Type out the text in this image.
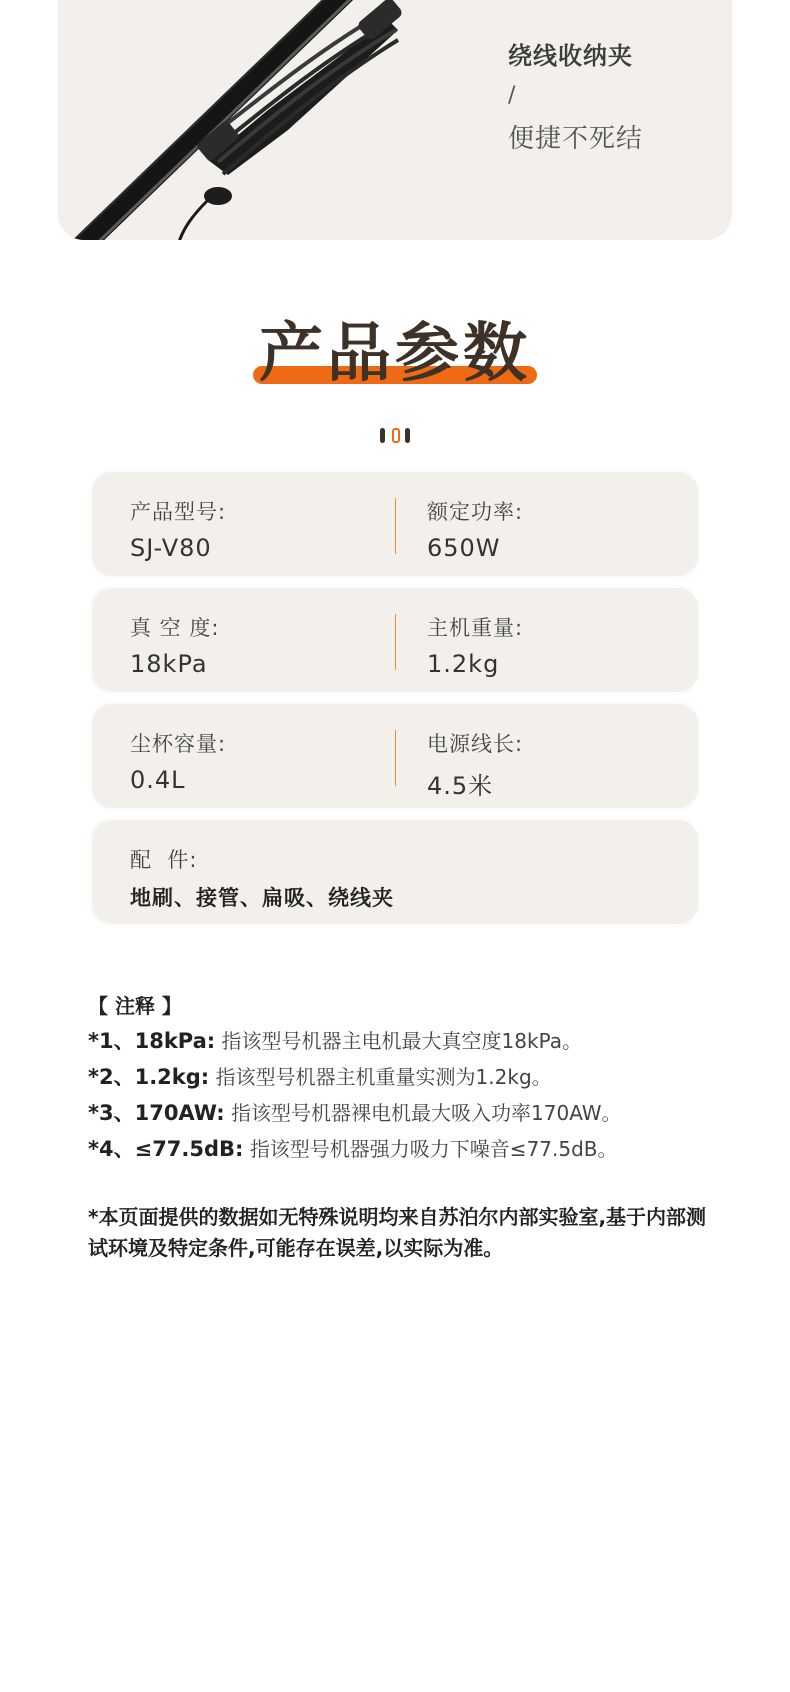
绕线收纳夹
/
便捷不死结
产品参数
产品型号:
SJ-V80
额定功率:
650W
真 空 度:
18kPa
主机重量:
1.2kg
尘杯容量:
0.4L
电源线长:
4.5米
配  件:
地刷、接管、扁吸、绕线夹
【 注释 】
*1、18kPa: 指该型号机器主电机最大真空度18kPa。
*2、1.2kg: 指该型号机器主机重量实测为1.2kg。
*3、170AW: 指该型号机器裸电机最大吸入功率170AW。
*4、≤77.5dB: 指该型号机器强力吸力下噪音≤77.5dB。
*本页面提供的数据如无特殊说明均来自苏泊尔内部实验室,基于内部测试环境及特定条件,可能存在误差,以实际为准。
